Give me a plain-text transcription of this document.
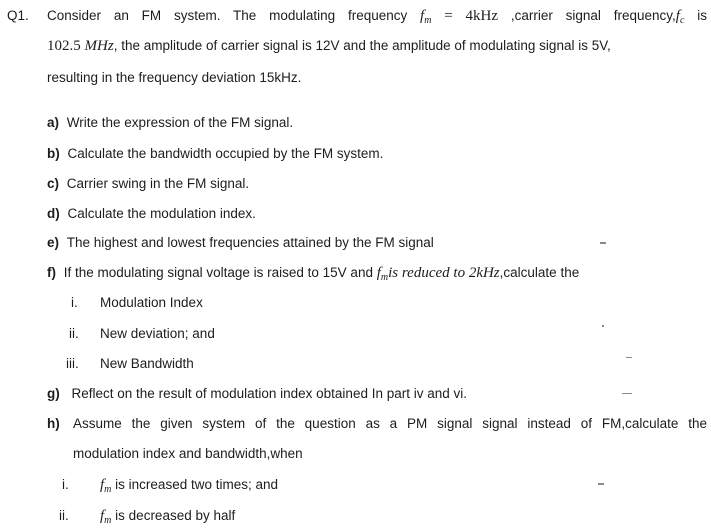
Q1. Consider an FM system. The modulating frequency $f_m = 4kHz$ ,carrier signal $frequency,f_c$ is
102.5 MHz, the amplitude of carrier signal is 12V and the amplitude of modulating signal is 5V,
resulting in the frequency deviation 15kHz.
a) Write the expression of the FM signal.
b) Calculate the bandwidth occupied by the FM system.
c) Carrier swing in the FM signal.
d) Calculate the modulation index.
e) The highest and lowest frequencies attained by the FM signal
f) If the modulating signal voltage is raised to 15V and $f_mis$ reduced to 2kHz,calculate the
i. Modulation Index
ii. New deviation; and
iii. New Bandwidth
g) Reflect on the result of modulation index obtained In part iv and vi.
h) Assume the given system of the question as a PM signal signal instead of FM,calculate the
modulation index and bandwidth,when
i. $f_m$ is increased two times; and
ii. $f_m$ is decreased by half
